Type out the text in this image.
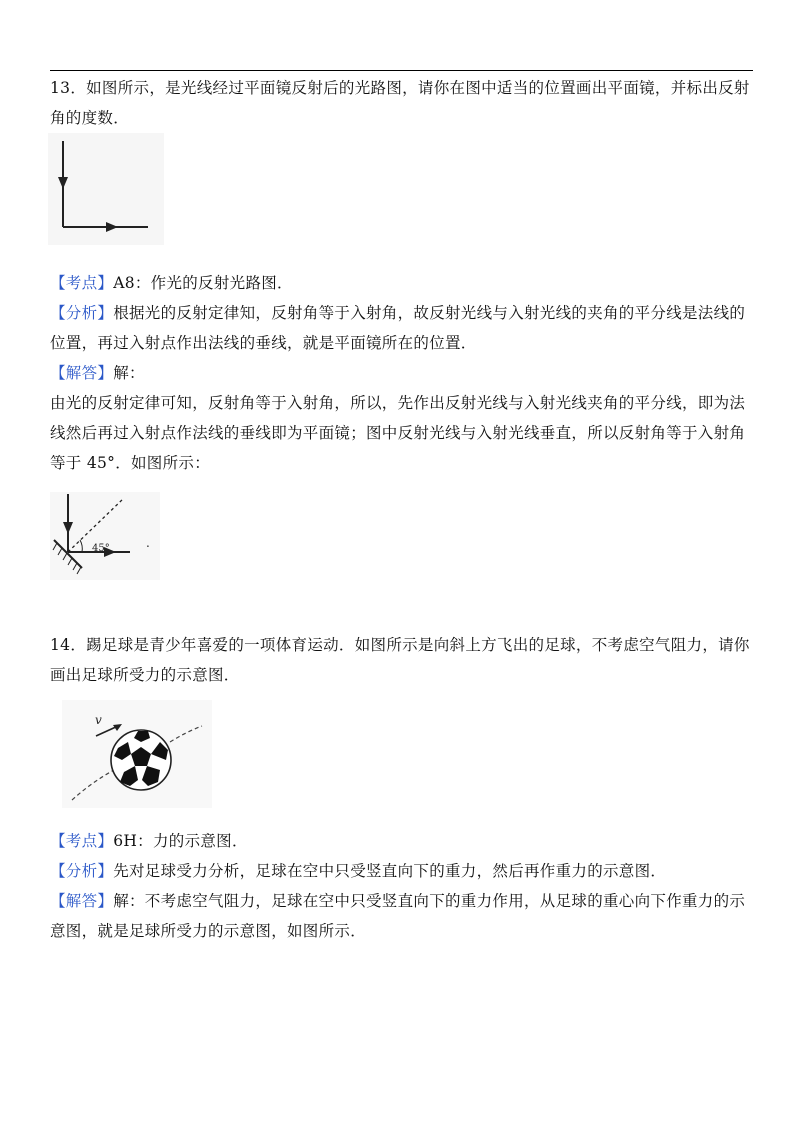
13．如图所示，是光线经过平面镜反射后的光路图，请你在图中适当的位置画出平面镜，并标出反射角的度数．
【考点】A8：作光的反射光路图．
【分析】根据光的反射定律知，反射角等于入射角，故反射光线与入射光线的夹角的平分线是法线的位置，再过入射点作出法线的垂线，就是平面镜所在的位置．
【解答】解：
由光的反射定律可知，反射角等于入射角，所以，先作出反射光线与入射光线夹角的平分线，即为法线然后再过入射点作法线的垂线即为平面镜；图中反射光线与入射光线垂直，所以反射角等于入射角等于 45°．如图所示：
45°	.
14．踢足球是青少年喜爱的一项体育运动．如图所示是向斜上方飞出的足球，不考虑空气阻力，请你画出足球所受力的示意图．
v
【考点】6H：力的示意图．
【分析】先对足球受力分析，足球在空中只受竖直向下的重力，然后再作重力的示意图．
【解答】解：不考虑空气阻力，足球在空中只受竖直向下的重力作用，从足球的重心向下作重力的示意图，就是足球所受力的示意图，如图所示．
